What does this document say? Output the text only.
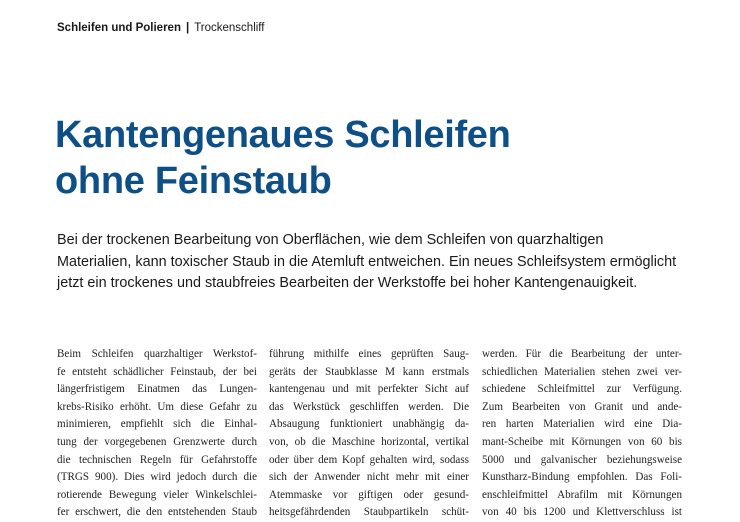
Schleifen und Polieren | Trockenschliff
Kantengenaues Schleifen
ohne Feinstaub

Bei der trockenen Bearbeitung von Oberflächen, wie dem Schleifen von quarzhaltigen
Materialien, kann toxischer Staub in die Atemluft entweichen. Ein neues Schleifsystem ermöglicht
jetzt ein trockenes und staubfreies Bearbeiten der Werkstoffe bei hoher Kantengenauigkeit.

Beim Schleifen quarzhaltiger Werkstof-
fe entsteht schädlicher Feinstaub, der bei
längerfristigem Einatmen das Lungen-
krebs-Risiko erhöht. Um diese Gefahr zu
minimieren, empfiehlt sich die Einhal-
tung der vorgegebenen Grenzwerte durch
die technischen Regeln für Gefahrstoffe
(TRGS 900). Dies wird jedoch durch die
rotierende Bewegung vieler Winkelschlei-
fer erschwert, die den entstehenden Staub
führung mithilfe eines geprüften Saug-
geräts der Staubklasse M kann erstmals
kantengenau und mit perfekter Sicht auf
das Werkstück geschliffen werden. Die
Absaugung funktioniert unabhängig da-
von, ob die Maschine horizontal, vertikal
oder über dem Kopf gehalten wird, sodass
sich der Anwender nicht mehr mit einer
Atemmaske vor giftigen oder gesund-
heitsgefährdenden Staubpartikeln schüt-
werden. Für die Bearbeitung der unter-
schiedlichen Materialien stehen zwei ver-
schiedene Schleifmittel zur Verfügung.
Zum Bearbeiten von Granit und ande-
ren harten Materialien wird eine Dia-
mant-Scheibe mit Körnungen von 60 bis
5000 und galvanischer beziehungsweise
Kunstharz-Bindung empfohlen. Das Foli-
enschleifmittel Abrafilm mit Körnungen
von 40 bis 1200 und Klettverschluss ist
